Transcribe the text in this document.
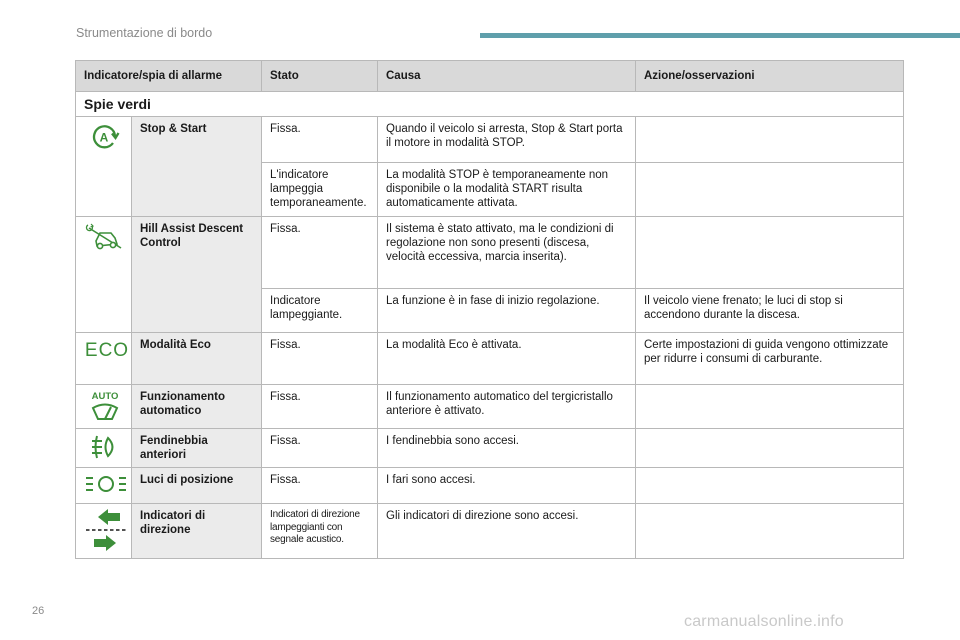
Strumentazione di bordo
Indicatore/spia di allarme		Stato	Causa	Azione/osservazioni
Spie verdi				

A	Stop & Start	Fissa.	Quando il veicolo si arresta, Stop & Start porta il motore in modalità STOP.	
		L'indicatore lampeggia temporaneamente.	La modalità STOP è temporaneamente non disponibile o la modalità START risulta automaticamente attivata.	

	Hill Assist Descent Control	Fissa.	Il sistema è stato attivato, ma le condizioni di regolazione non sono presenti (discesa, velocità eccessiva, marcia inserita).	
		Indicatore lampeggiante.	La funzione è in fase di inizio regolazione.	Il veicolo viene frenato; le luci di stop si accendono durante la discesa.

ECO	Modalità Eco	Fissa.	La modalità Eco è attivata.	Certe impostazioni di guida vengono ottimizzate per ridurre i consumi di carburante.

AUTO	Funzionamento automatico	Fissa.	Il funzionamento automatico del tergicristallo anteriore è attivato.	

	Fendinebbia anteriori	Fissa.	I fendinebbia sono accesi.	

	Luci di posizione	Fissa.	I fari sono accesi.	

	Indicatori di direzione	Indicatori di direzione lampeggianti con segnale acustico.	Gli indicatori di direzione sono accesi.	
26
carmanualsonline.info
